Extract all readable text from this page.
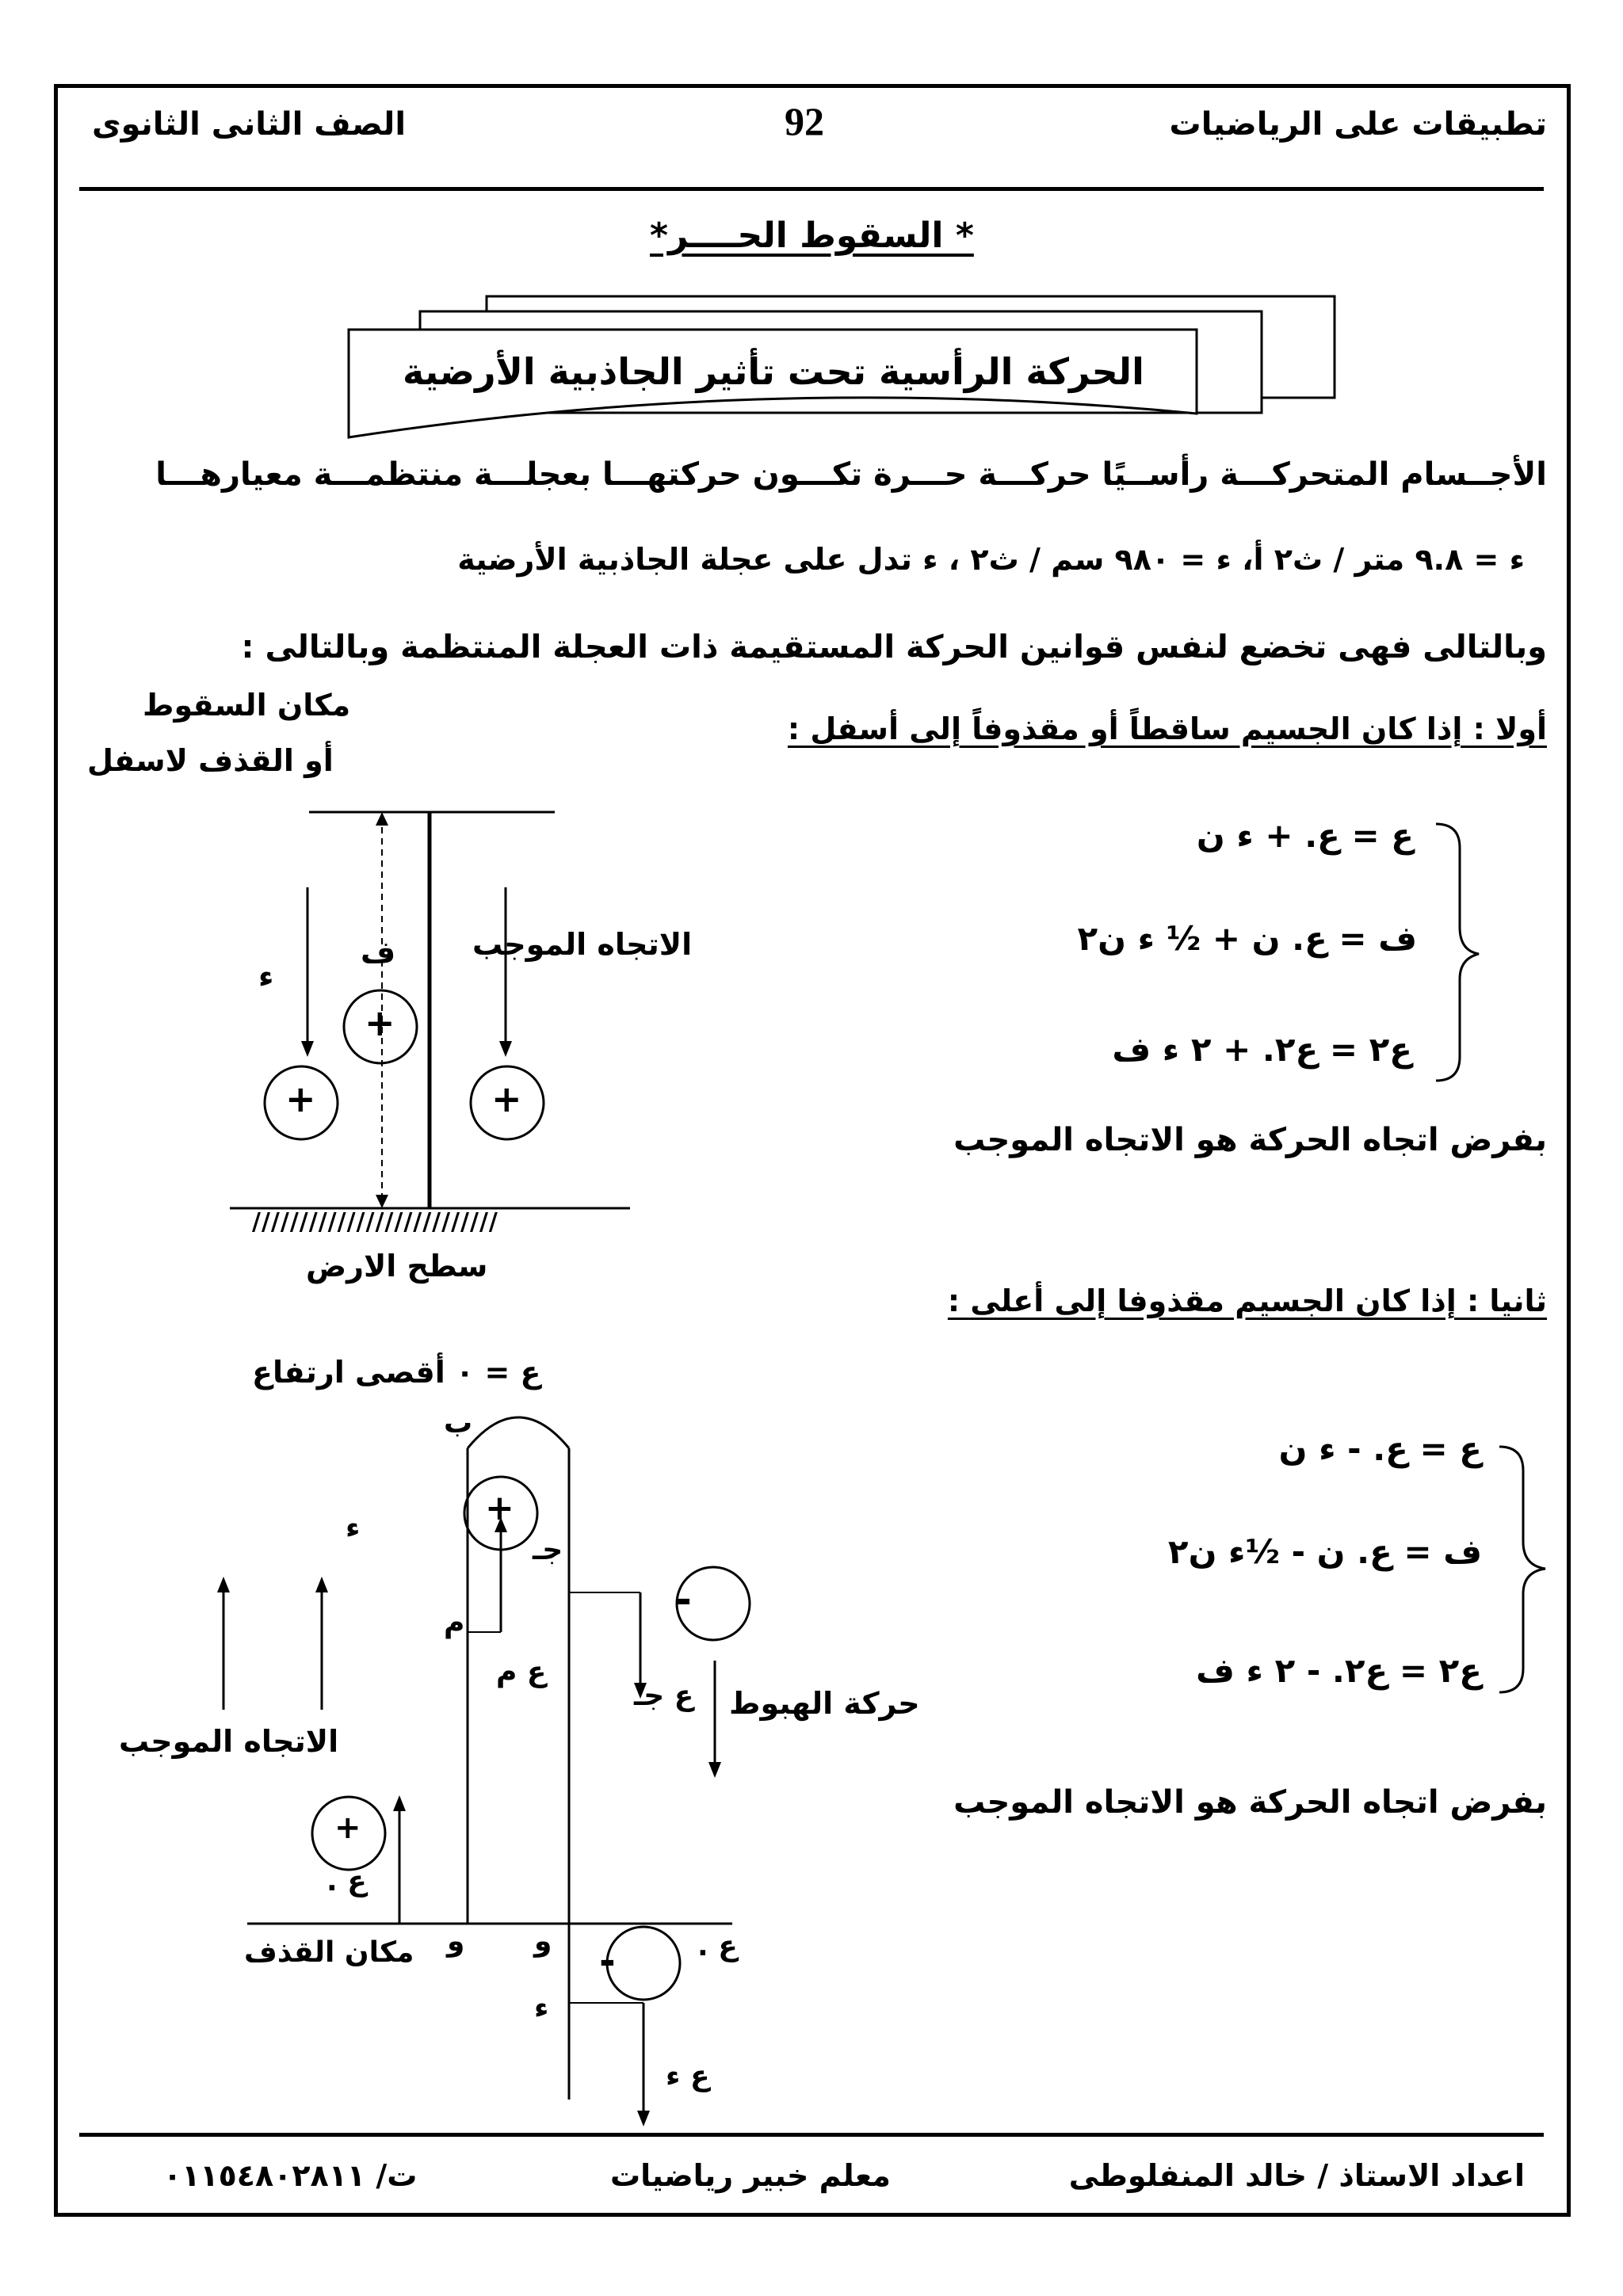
تطبيقات على الرياضيات
92
الصف الثانى الثانوى
* السقوط الحــــر*
الحركة الرأسية تحت تأثير الجاذبية الأرضية
الأجــسام المتحركـــة رأســيًا حركـــة حـــرة تكـــون حركتهـــا بعجلـــة منتظمـــة معيارهـــا
ء = ٩.٨ متر / ث٢ أ، ء = ٩٨٠ سم / ث٢ ، ء تدل على عجلة الجاذبية الأرضية
وبالتالى فهى تخضع لنفس قوانين الحركة المستقيمة ذات العجلة المنتظمة وبالتالى :
أولا : إذا كان الجسيم ساقطاً أو مقذوفاً إلى أسفل :
ع = ع. + ء ن
ف = ع. ن + ½ ء ن٢
ع٢ = ع٢. + ٢ ء ف
بفرض اتجاه الحركة هو الاتجاه الموجب
مكان السقوط
أو القذف لاسفل
+
+
+
ء
ف	الاتجاه الموجب
//////////////////////////
سطح الارض
ثانيا : إذا كان الجسيم مقذوفا إلى أعلى :
ع = ع. - ء ن
ف = ع. ن - ½ء ن٢
ع٢ = ع٢. - ٢ ء ف
بفرض اتجاه الحركة هو الاتجاه الموجب
ع = ٠ أقصى ارتفاع
ب
+
ء
جـ
م
ع م
-
ع جـ حركة الهبوط
الاتجاه الموجب
+
ع .
و
مكان القذف	و -	ع .
ء
ع ء
اعداد الاستاذ / خالد المنفلوطى
معلم خبير رياضيات
ت/ ٠١١٥٤٨٠٢٨١١
